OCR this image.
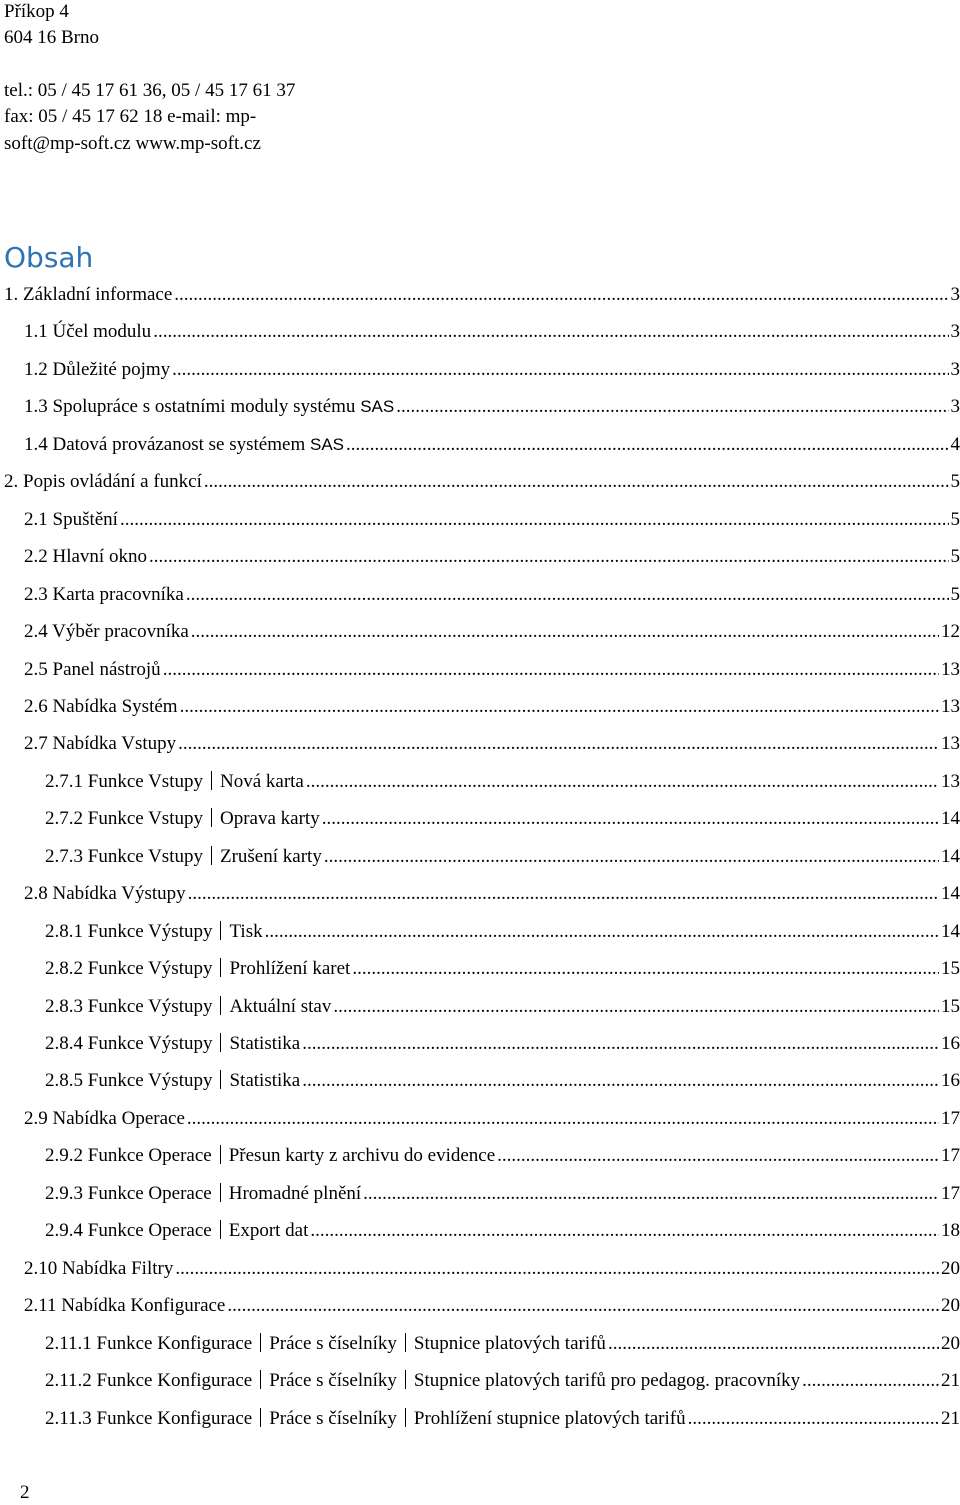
Příkop 4
604 16 Brno
tel.: 05 / 45 17 61 36, 05 / 45 17 61 37
fax: 05 / 45 17 62 18 e-mail: mp-
soft@mp-soft.cz www.mp-soft.cz
Obsah
1. Základní informace .....	3
1.1 Účel modulu .....	3
1.2 Důležité pojmy .....	3
1.3 Spolupráce s ostatními moduly systému SAS .....	3
1.4 Datová provázanost se systémem SAS .....	4
2. Popis ovládání a funkcí .....	5
2.1 Spuštění .....	5
2.2 Hlavní okno .....	5
2.3 Karta pracovníka .....	5
2.4 Výběr pracovníka .....	12
2.5 Panel nástrojů .....	13
2.6 Nabídka Systém .....	13
2.7 Nabídka Vstupy .....	13
2.7.1 Funkce Vstupy Nová karta .....	13
2.7.2 Funkce Vstupy Oprava karty .....	14
2.7.3 Funkce Vstupy Zrušení karty .....	14
2.8 Nabídka Výstupy .....	14
2.8.1 Funkce Výstupy Tisk .....	14
2.8.2 Funkce Výstupy Prohlížení karet .....	15
2.8.3 Funkce Výstupy Aktuální stav .....	15
2.8.4 Funkce Výstupy Statistika .....	16
2.8.5 Funkce Výstupy Statistika .....	16
2.9 Nabídka Operace .....	17
2.9.2 Funkce Operace Přesun karty z archivu do evidence .....	17
2.9.3 Funkce Operace Hromadné plnění .....	17
2.9.4 Funkce Operace Export dat .....	18
2.10 Nabídka Filtry .....	20
2.11 Nabídka Konfigurace .....	20
2.11.1 Funkce Konfigurace Práce s číselníky Stupnice platových tarifů .....	20
2.11.2 Funkce Konfigurace Práce s číselníky Stupnice platových tarifů pro pedagog. pracovníky .....	21
2.11.3 Funkce Konfigurace Práce s číselníky Prohlížení stupnice platových tarifů .....	21
2
